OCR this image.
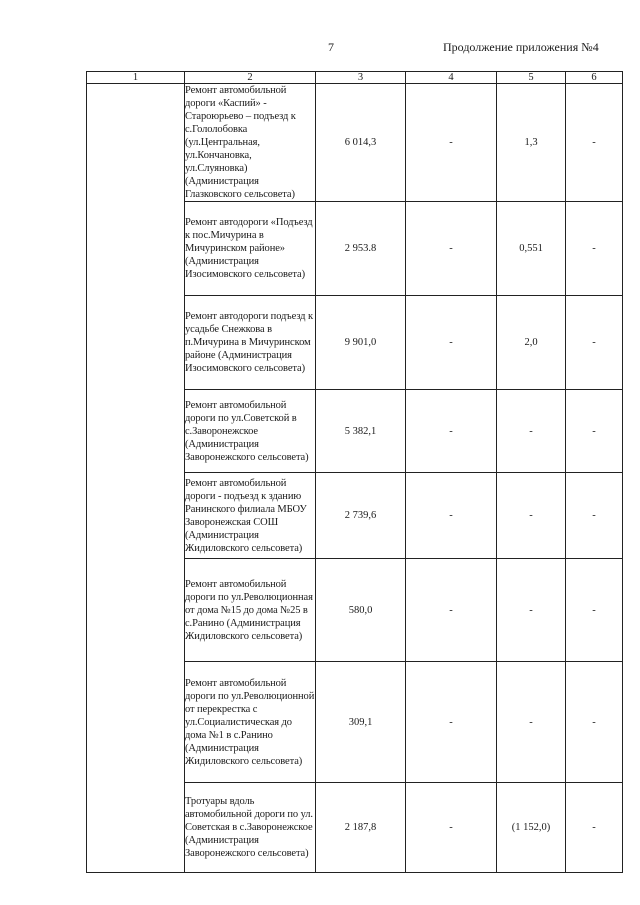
7	Продолжение приложения №4
1	2	3	4	5	6
	Ремонт автомобильной дороги «Каспий» - Староюрьево – подъезд к с.Гололобовка (ул.Центральная, ул.Кончановка, ул.Слуяновка) (Администрация Глазковского сельсовета)	6 014,3	-	1,3	-
	Ремонт автодороги «Подъезд к пос.Мичурина в Мичуринском районе» (Администрация Изосимовского сельсовета)	2 953.8	-	0,551	-
	Ремонт автодороги подъезд к усадьбе Снежкова в п.Мичурина в Мичуринском районе (Администрация Изосимовского сельсовета)	9 901,0	-	2,0	-
	Ремонт автомобильной дороги по ул.Советской в с.Заворонежское (Администрация Заворонежского сельсовета)	5 382,1	-	-	-
	Ремонт автомобильной дороги - подъезд к зданию Ранинского филиала МБОУ Заворонежская СОШ (Администрация Жидиловского сельсовета)	2 739,6	-	-	-
	Ремонт автомобильной дороги по ул.Революционная от дома №15 до дома №25 в с.Ранино (Администрация Жидиловского сельсовета)	580,0	-	-	-
	Ремонт автомобильной дороги по ул.Революционной от перекрестка с ул.Социалистическая до дома №1 в с.Ранино (Администрация Жидиловского сельсовета)	309,1	-	-	-
	Тротуары вдоль автомобильной дороги по ул. Советская в с.Заворонежское (Администрация Заворонежского сельсовета)	2 187,8	-	(1 152,0)	-
